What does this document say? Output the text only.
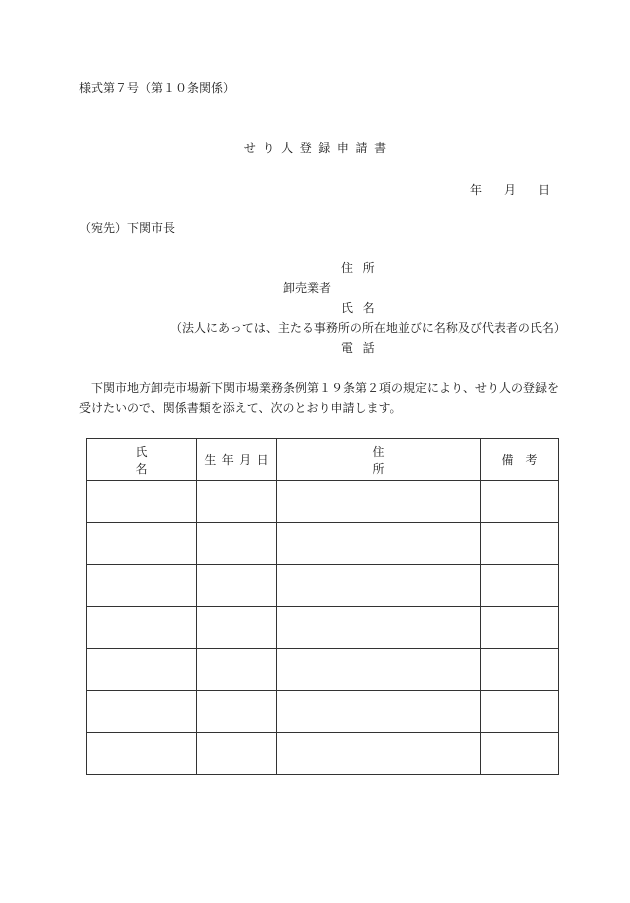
様式第７号（第１０条関係）
せり人登録申請書
年 月 日
（宛先）下関市長
住所
卸売業者
氏名
（法人にあっては、主たる事務所の所在地並びに名称及び代表者の氏名）
電話
下関市地方卸売市場新下関市場業務条例第１９条第２項の規定により、せり人の登録を受けたいので、関係書類を添えて、次のとおり申請します。
氏名	生年月日	住所	備考
